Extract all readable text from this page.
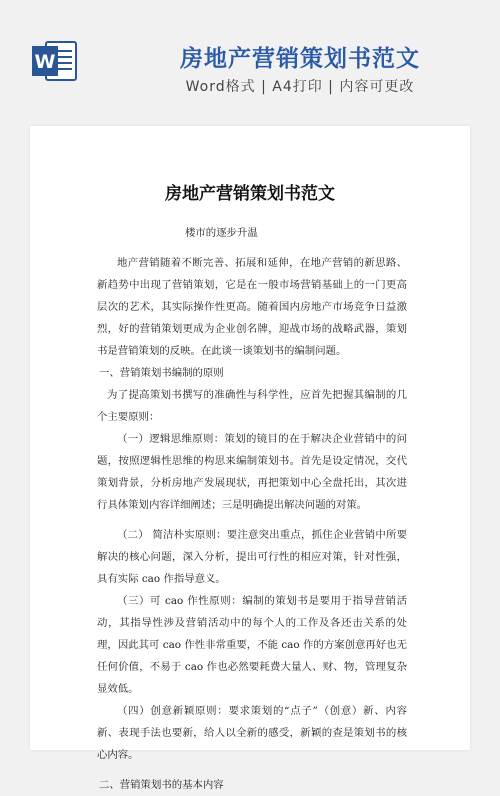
W	房地产营销策划书范文
Word格式 | A4打印 | 内容可更改
房地产营销策划书范文

楼市的逐步升温

地产营销随着不断完善、拓展和延伸，在地产营销的新思路、新趋势中出现了营销策划，它是在一般市场营销基础上的一门更高层次的艺术，其实际操作性更高。随着国内房地产市场竞争日益激烈，好的营销策划更成为企业创名牌，迎战市场的战略武器，策划书是营销策划的反映。在此谈一谈策划书的编制问题。

一、营销策划书编制的原则

为了提高策划书撰写的准确性与科学性，应首先把握其编制的几个主要原则：

（一）逻辑思维原则：策划的镜目的在于解决企业营销中的问题，按照逻辑性思维的构思来编制策划书。首先是设定情况，交代策划背景，分析房地产发展现状，再把策划中心全盘托出，其次进行具体策划内容详细阐述；三是明确提出解决问题的对策。

（二） 简洁朴实原则：要注意突出重点，抓住企业营销中所要解决的核心问题，深入分析，提出可行性的相应对策，针对性强，具有实际 cao 作指导意义。

（三）可 cao 作性原则：编制的策划书是要用于指导营销活动，其指导性涉及营销活动中的每个人的工作及各还击关系的处理，因此其可 cao 作性非常重要，不能 cao 作的方案创意再好也无任何价值，不易于 cao 作也必然要耗费大量人、财、物，管理复杂显效低。

（四）创意新颖原则：要求策划的“点子”（创意）新、内容新、表现手法也要新，给人以全新的感受，新颖的查是策划书的核心内容。

二、营销策划书的基本内容
